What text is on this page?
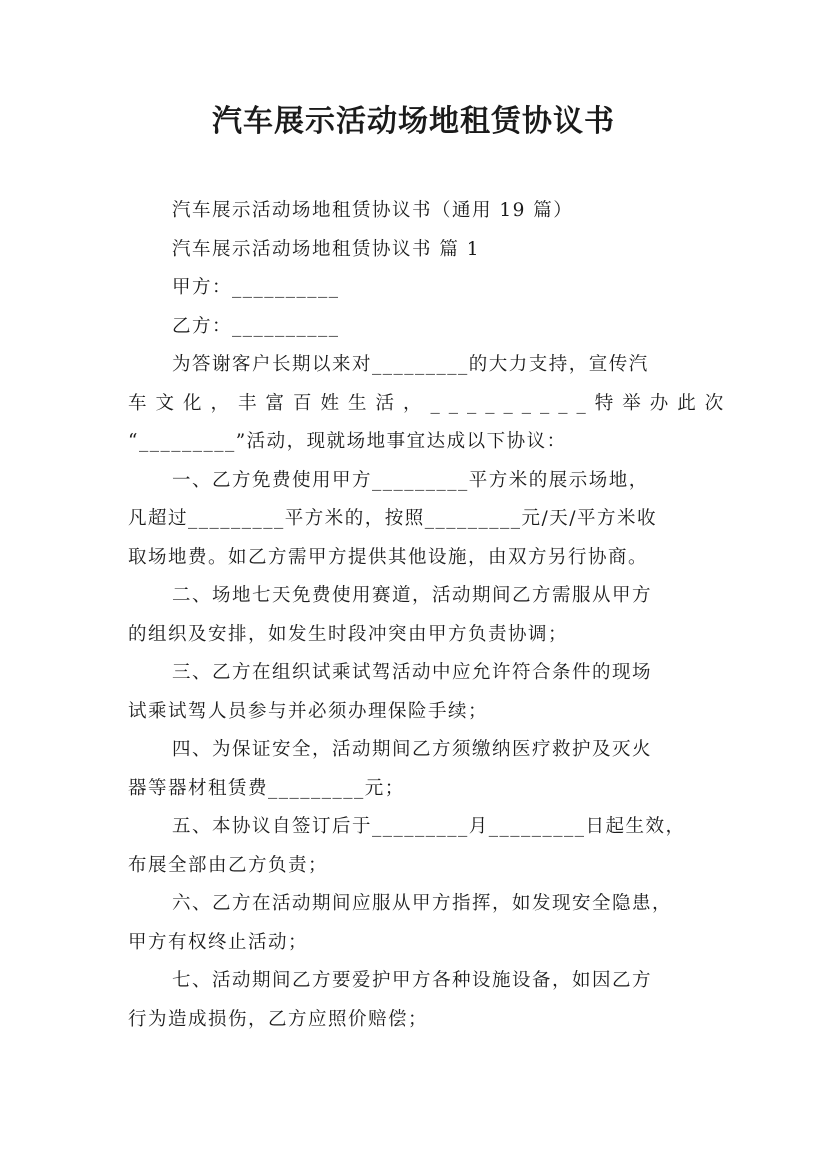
汽车展示活动场地租赁协议书
汽车展示活动场地租赁协议书（通用 19 篇）
汽车展示活动场地租赁协议书 篇 1
甲方：__________
乙方：__________
为答谢客户长期以来对_________的大力支持，宣传汽
车文化，丰富百姓生活，_________特举办此次
“_________”活动，现就场地事宜达成以下协议：
一、乙方免费使用甲方_________平方米的展示场地，
凡超过_________平方米的，按照_________元/天/平方米收
取场地费。如乙方需甲方提供其他设施，由双方另行协商。
二、场地七天免费使用赛道，活动期间乙方需服从甲方
的组织及安排，如发生时段冲突由甲方负责协调；
三、乙方在组织试乘试驾活动中应允许符合条件的现场
试乘试驾人员参与并必须办理保险手续；
四、为保证安全，活动期间乙方须缴纳医疗救护及灭火
器等器材租赁费_________元；
五、本协议自签订后于_________月_________日起生效，
布展全部由乙方负责；
六、乙方在活动期间应服从甲方指挥，如发现安全隐患，
甲方有权终止活动；
七、活动期间乙方要爱护甲方各种设施设备，如因乙方
行为造成损伤，乙方应照价赔偿；
